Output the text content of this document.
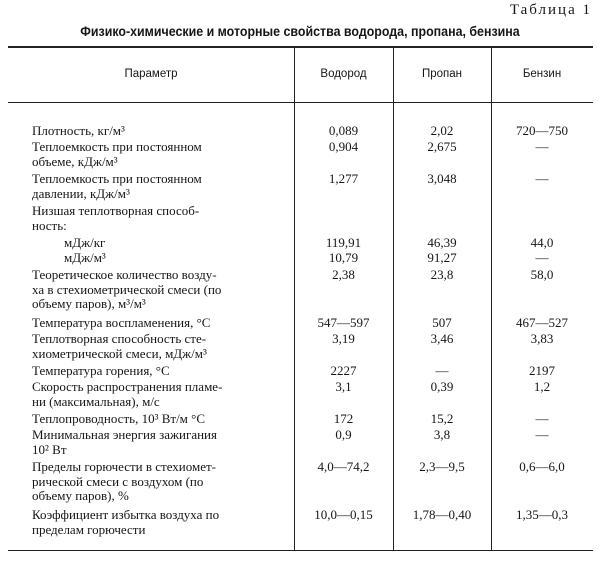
Таблица 1
Физико-химические и моторные свойства водорода, пропана, бензина
Параметр	Водород	Пропан	Бензин
Плотность, кг/м³	0,089	2,02	720—750
Теплоемкость при постоянном
объеме, кДж/м³
0,904	2,675	—
Теплоемкость при постоянном
давлении, кДж/м³
1,277	3,048	—
Низшая теплотворная способ-
ность:
мДж/кг	119,91	46,39	44,0
мДж/м³	10,79	91,27	—
Теоретическое количество возду-
ха в стехиометрической смеси (по
объему паров), м³/м³
2,38	23,8	58,0
Температура воспламенения, °С	547—597	507	467—527
Теплотворная способность сте-
хиометрической смеси, мДж/м³
3,19	3,46	3,83
Температура горения, °С	2227	—	2197
Скорость распространения пламе-
ни (максимальная), м/с
3,1	0,39	1,2
Теплопроводность, 10³ Вт/м °С	172	15,2	—
Минимальная энергия зажигания
10² Вт
0,9	3,8	—
Пределы горючести в стехиомет-
рической смеси с воздухом (по
объему паров), %
4,0—74,2	2,3—9,5	0,6—6,0
Коэффициент избытка воздуха по
пределам горючести
10,0—0,15	1,78—0,40	1,35—0,3
